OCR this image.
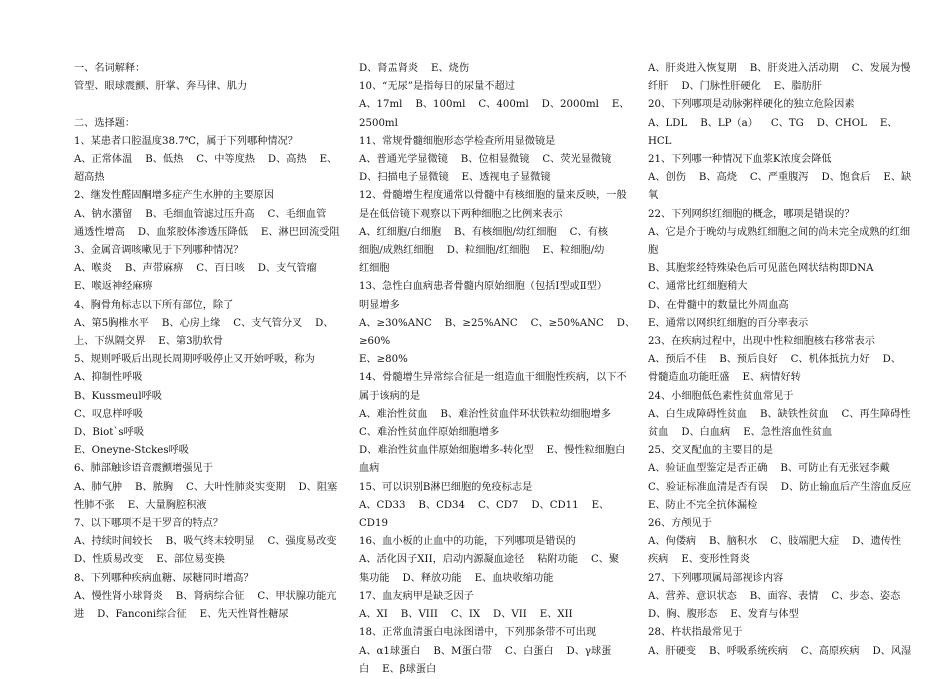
一、名词解释：

管型、眼球震颤、肝掌、奔马律、肌力

二、选择题：

1、某患者口腔温度38.7℃，属于下列哪种情况？

A、正常体温    B、低热    C、中等度热    D、高热    E、

超高热

2、继发性醛固酮增多症产生水肿的主要原因

A、钠水潴留    B、毛细血管滤过压升高    C、毛细血管

通透性增高    D、血浆胶体渗透压降低    E、淋巴回流受阻

3、金属音调咳嗽见于下列哪种情况？

A、喉炎    B、声带麻痹    C、百日咳    D、支气管瘤

E、喉返神经麻痹

4、胸骨角标志以下所有部位，除了

A、第5胸椎水平    B、心房上缘    C、支气管分叉    D、

上、下纵隔交界    E、第3肋软骨

5、规则呼吸后出现长周期呼吸停止又开始呼吸，称为

A、抑制性呼吸

B、Kussmeul呼吸

C、叹息样呼吸

D、Biot`s呼吸

E、Oneyne-Stckes呼吸

6、肺部触诊语音震颤增强见于

A、肺气肿    B、脓胸    C、大叶性肺炎实变期    D、阻塞

性肺不张    E、大量胸腔积液

7、以下哪项不是干罗音的特点？

A、持续时间较长    B、吸气终末较明显    C、强度易改变

D、性质易改变    E、部位易变换

8、下列哪种疾病血糖、尿糖同时增高？

A、慢性肾小球肾炎    B、肾病综合征    C、甲状腺功能亢

进    D、Fanconi综合征    E、先天性肾性糖尿

D、肾盂肾炎    E、烧伤

10、“无尿”是指每日的尿量不超过

A、17ml    B、100ml    C、400ml    D、2000ml    E、2500ml

11、常规骨髓细胞形态学检查所用显微镜是

A、普通光学显微镜    B、位相显微镜    C、荧光显微镜

D、扫描电子显微镜    E、透视电子显微镜

12、骨髓增生程度通常以骨髓中有核细胞的量来反映，一般

是在低倍镜下观察以下两种细胞之比例来表示

A、红细胞/白细胞    B、有核细胞/幼红细胞    C、有核

细胞/成熟红细胞    D、粒细胞/红细胞    E、粒细胞/幼

红细胞

13、急性白血病患者骨髓内原始细胞（包括Ⅰ型或Ⅱ型）

明显增多

A、≥30%ANC    B、≥25%ANC    C、≥50%ANC    D、≥60%

E、≥80%

14、骨髓增生异常综合征是一组造血干细胞性疾病，以下不

属于该病的是

A、难治性贫血    B、难治性贫血伴环状铁粒幼细胞增多

C、难治性贫血伴原始细胞增多

D、难治性贫血伴原始细胞增多-转化型    E、慢性粒细胞白

血病

15、可以识别B淋巴细胞的免疫标志是

A、CD33    B、CD34    C、CD7    D、CD11    E、CD19

16、血小板的止血中的功能，下列哪项是错误的

A、活化因子XII，启动内源凝血途径    粘附功能    C、聚

集功能    D、释放功能    E、血块收缩功能

17、血友病甲是缺乏因子

A、XI    B、VIII    C、IX    D、VII    E、XII

18、正常血清蛋白电泳图谱中，下列那条带不可出现

A、α1球蛋白    B、M蛋白带    C、白蛋白    D、γ球蛋

白    E、β球蛋白

A、肝炎进入恢复期    B、肝炎进入活动期    C、发展为慢

纤肝    D、门脉性肝硬化    E、脂肪肝

20、下列哪项是动脉粥样硬化的独立危险因素

A、LDL    B、LP（a）    C、TG    D、CHOL    E、HCL

21、下列哪一种情况下血浆K浓度会降低

A、创伤    B、高烧    C、严重腹泻    D、饱食后    E、缺氧

22、下列网织红细胞的概念，哪项是错误的？

A、它是介于晚幼与成熟红细胞之间的尚未完全成熟的红细

胞

B、其胞浆经特殊染色后可见蓝色网状结构即DNA

C、通常比红细胞稍大

D、在骨髓中的数量比外周血高

E、通常以网织红细胞的百分率表示

23、在疾病过程中，出现中性粒细胞核右移常表示

A、预后不佳    B、预后良好    C、机体抵抗力好    D、

骨髓造血功能旺盛    E、病情好转

24、小细胞低色素性贫血常见于

A、白生成障碍性贫血    B、缺铁性贫血    C、再生障碍性

贫血    D、白血病    E、急性溶血性贫血

25、交叉配血的主要目的是

A、验证血型鉴定是否正确    B、可防止有无张冠李戴

C、验证标准血清是否有误    D、防止输血后产生溶血反应

E、防止不完全抗体漏检

26、方颅见于

A、佝偻病    B、脑积水    C、肢端肥大症    D、遗传性

疾病    E、变形性肾炎

27、下列哪项属局部视诊内容

A、营养、意识状态    B、面容、表情    C、步态、姿态

D、胸、腹形态    E、发育与体型

28、杵状指最常见于

A、肝硬变    B、呼吸系统疾病    C、高原疾病    D、风湿
